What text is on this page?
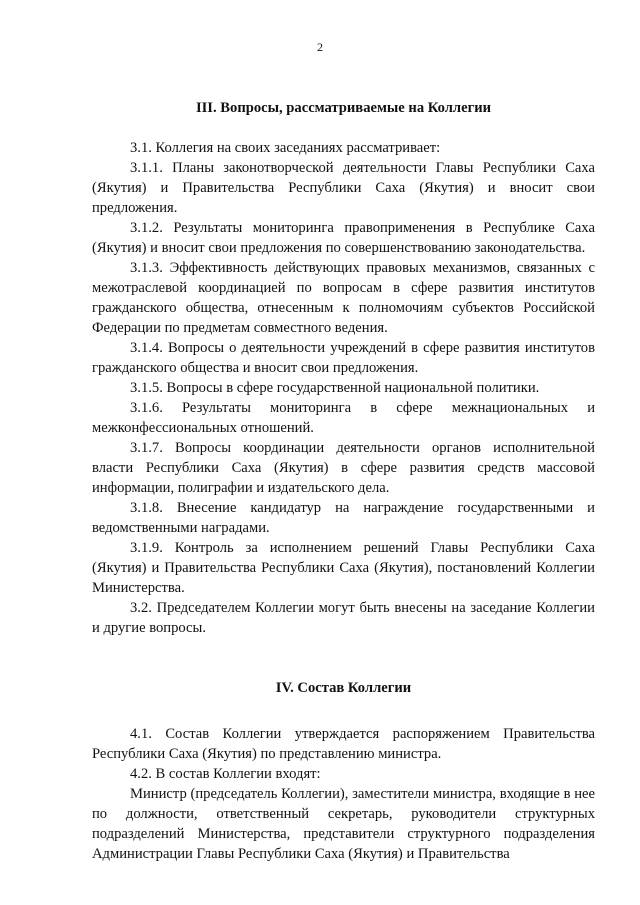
2
III. Вопросы, рассматриваемые на Коллегии

3.1. Коллегия на своих заседаниях рассматривает:

3.1.1. Планы законотворческой деятельности Главы Республики Саха (Якутия) и Правительства Республики Саха (Якутия) и вносит свои предложения.

3.1.2. Результаты мониторинга правоприменения в Республике Саха (Якутия) и вносит свои предложения по совершенствованию законодательства.

3.1.3. Эффективность действующих правовых механизмов, связанных с межотраслевой координацией по вопросам в сфере развития институтов гражданского общества, отнесенным к полномочиям субъектов Российской Федерации по предметам совместного ведения.

3.1.4. Вопросы о деятельности учреждений в сфере развития институтов гражданского общества и вносит свои предложения.

3.1.5. Вопросы в сфере государственной национальной политики.

3.1.6. Результаты мониторинга в сфере межнациональных и межконфессиональных отношений.

3.1.7. Вопросы координации деятельности органов исполнительной власти Республики Саха (Якутия) в сфере развития средств массовой информации, полиграфии и издательского дела.

3.1.8. Внесение кандидатур на награждение государственными и ведомственными наградами.

3.1.9. Контроль за исполнением решений Главы Республики Саха (Якутия) и Правительства Республики Саха (Якутия), постановлений Коллегии Министерства.

3.2. Председателем Коллегии могут быть внесены на заседание Коллегии и другие вопросы.

IV. Состав Коллегии

4.1. Состав Коллегии утверждается распоряжением Правительства Республики Саха (Якутия) по представлению министра.

4.2. В состав Коллегии входят:

Министр (председатель Коллегии), заместители министра, входящие в нее по должности, ответственный секретарь, руководители структурных подразделений Министерства, представители структурного подразделения Администрации Главы Республики Саха (Якутия) и Правительства
